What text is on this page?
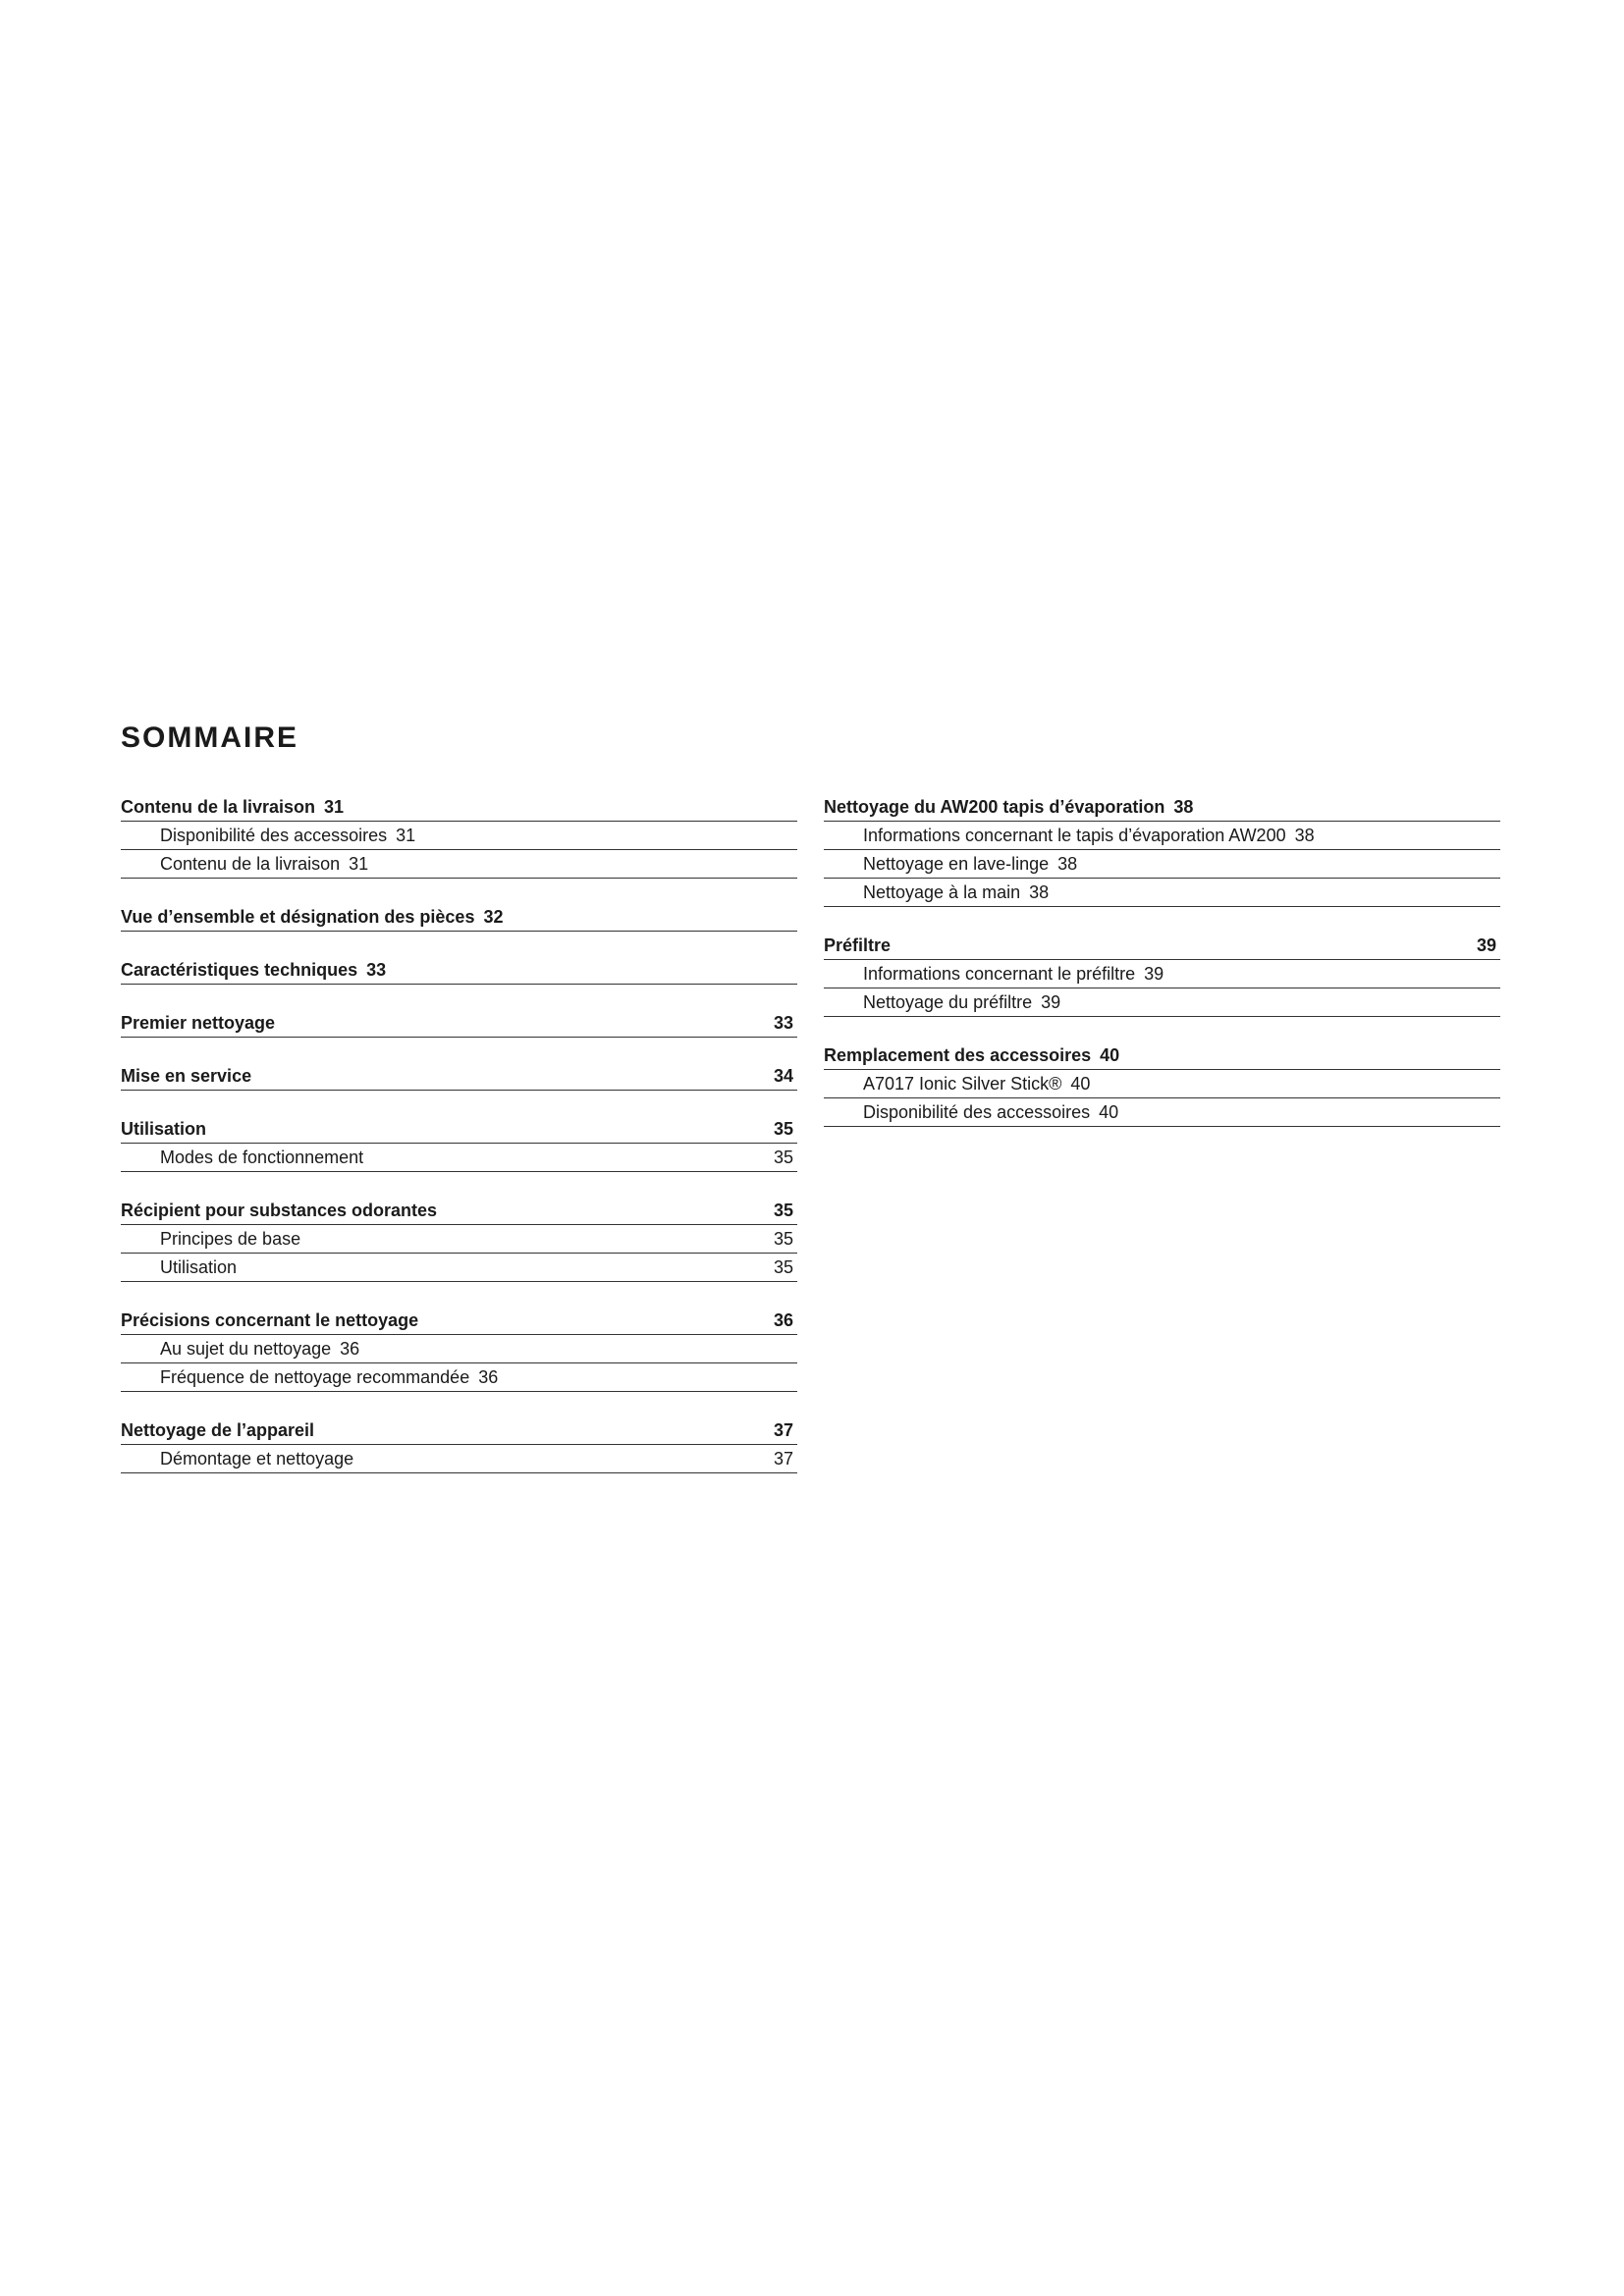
SOMMAIRE
Contenu de la livraison 31
Disponibilité des accessoires 31
Contenu de la livraison 31
Vue d’ensemble et désignation des pièces 32
Caractéristiques techniques 33
Premier nettoyage	33
Mise en service	34
Utilisation	35
Modes de fonctionnement	35
Récipient pour substances odorantes	35
Principes de base	35
Utilisation	35
Précisions concernant le nettoyage	36
Au sujet du nettoyage 36
Fréquence de nettoyage recommandée 36
Nettoyage de l’appareil	37
Démontage et nettoyage	37
Nettoyage du AW200 tapis d’évaporation 38
Informations concernant le tapis d’évaporation AW200 38
Nettoyage en lave-linge 38
Nettoyage à la main 38
Préfiltre	39
Informations concernant le préfiltre 39
Nettoyage du préfiltre 39
Remplacement des accessoires 40
A7017 Ionic Silver Stick® 40
Disponibilité des accessoires 40
